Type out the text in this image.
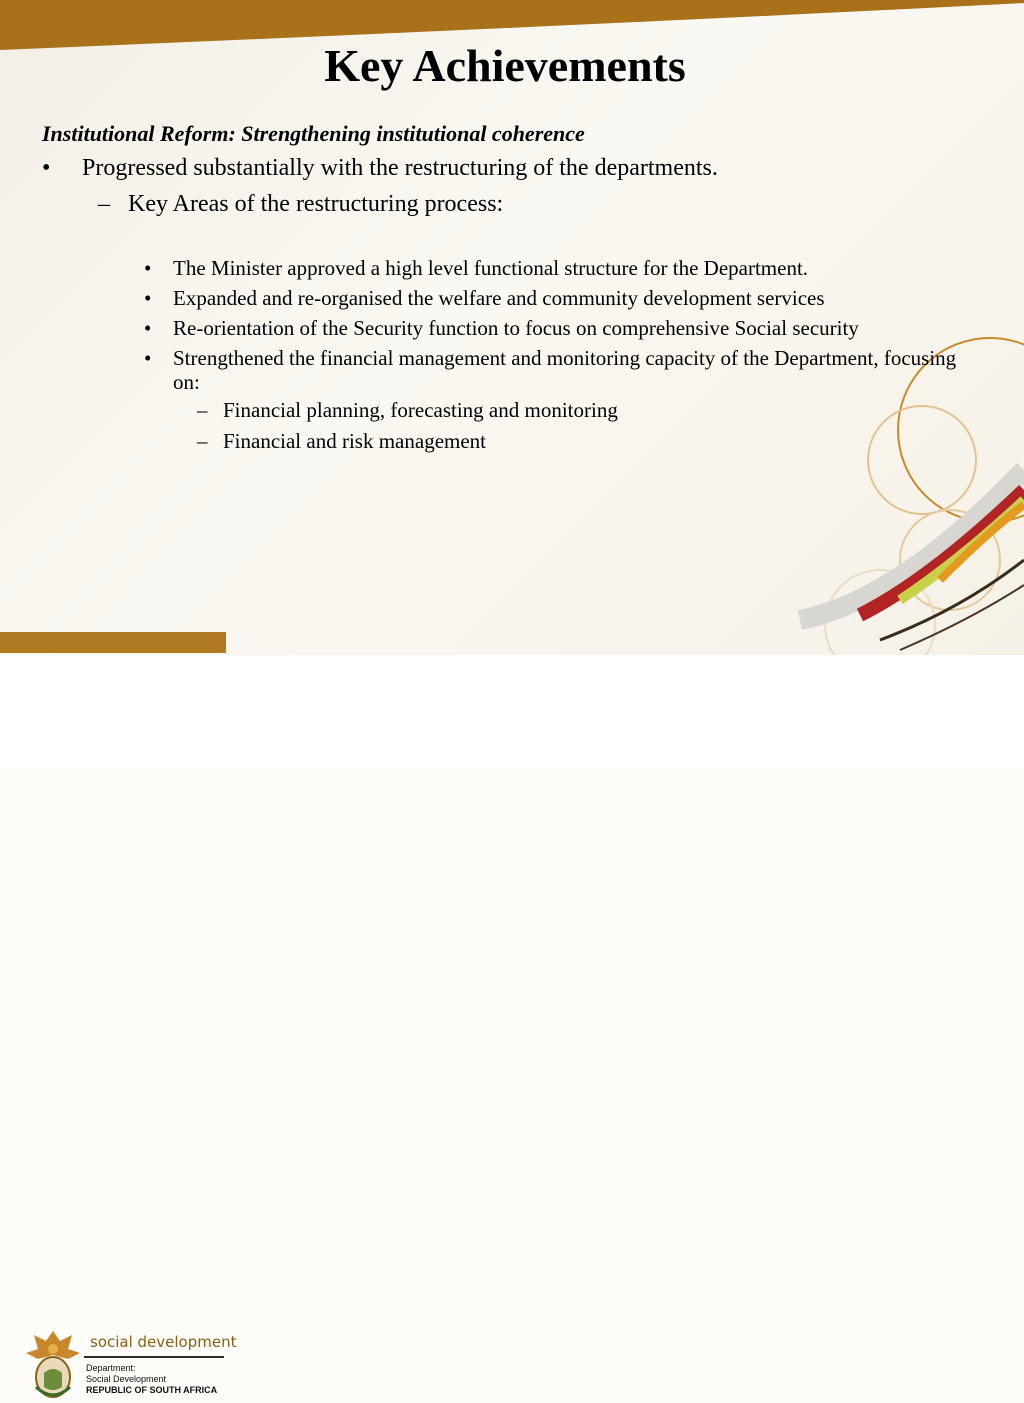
Key Achievements

Institutional Reform: Strengthening institutional coherence

• Progressed substantially with the restructuring of the departments.
– Key Areas of the restructuring process:
• The Minister approved a high level functional structure for the Department.
• Expanded and re-organised the welfare and community development services
• Re-orientation of the Security function to focus on comprehensive Social security
• Strengthened the financial management and monitoring capacity of the Department, focusing on:
– Financial planning, forecasting and monitoring
– Financial and risk management

social development

Department:
Social Development
REPUBLIC OF SOUTH AFRICA
